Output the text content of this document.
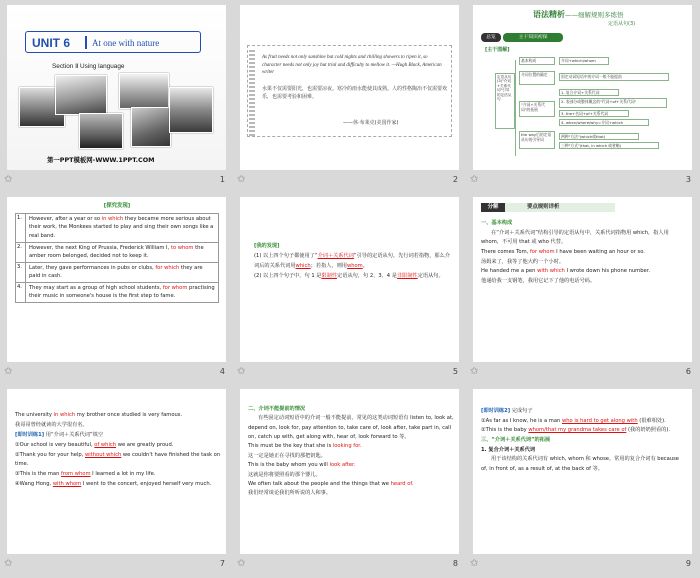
UNIT 6 At one with nature
Section Ⅱ Using language
第一PPT模板网-WWW.1PPT.COM
✩	1
As fruit needs not only sunshine but cold nights and chilling showers to ripen it, so character needs not only joy but trial and difficulty to mellow it. —Hugh Black, American writer
水果不仅需要阳光，也需要凉夜。寒冷的雨水能使其成熟。人的性格陶冶不仅需要欢乐，也需要考验和困难。
——休·布莱克(美国作家)
✩	2
语法精析——细解规则多练悟
定语从句(3)
总览	主干知识初探
[主干图解]
定语从句(3)"介词+关系代词"引导的定语从句
基本构成	介词+which/whom
介词位置的确定	固定动词短语中的介词一般不能提前
"介词+关系代词"的拓展
1. 复合介词+关系代词
2. 表部分或整体概念的"代词+of+关系代词"
3. the+名词+of+关系代词
4. when/where/why=介词+which
the way后的定语从句的引导词
两种"方法"(which或that)
三种"方式"(that, in which 或省略)
✩	3
[探究发现]
1.	However, after a year or so in which they became more serious about their work, the Monkees started to play and sing their own songs like a real band.
2.	However, the next King of Prussia, Frederick William Ⅰ, to whom the amber room belonged, decided not to keep it.
3.	Later, they gave performances in pubs or clubs, for which they are paid in cash.
4.	They may start as a group of high school students, for whom practising their music in someone's house is the first step to fame.
✩	4
[我的发现]
(1) 以上四个句子都使用了“介词＋关系代词”引导的定语从句。先行词若指物，那么介词后的关系代词用which；若指人，则用whom。
(2) 以上四个句子中，句 1 是限制性定语从句，句 2、3、4 是非限制性定语从句。
✩	5
分解	要点规则详析
一、基本构成
在“介词＋关系代词”结构引导的定语从句中，关系代词指物用 which，指人用 whom，不可用 that 或 who 代替。
There comes Tom, for whom I have been waiting an hour or so.
汤姆来了，我等了他大约一个小时。
He handed me a pen with which I wrote down his phone number.
他递给我一支钢笔，我用它记下了他的电话号码。
✩	6
The university in which my brother once studied is very famous.
我哥哥曾经就读的大学很有名。
[即时训练1] 用“介词＋关系代词”填空
①Our school is very beautiful, of which we are greatly proud.
②Thank you for your help, without which we couldn't have finished the task on time.
③This is the man from whom I learned a lot in my life.
④Wang Hong, with whom I went to the concert, enjoyed herself very much.
✩	7
二、介词不能提前的情况
有些固定动词短语中的介词一般不能提前，常见的这类动词短语有 listen to, look at, depend on, look for, pay attention to, take care of, look after, take part in, call on, catch up with, get along with, hear of, look forward to 等。
This must be the key that she is looking for.
这一定是她正在寻找的那把钥匙。
This is the baby whom you will look after.
这就是你将要照看的那个婴儿。
We often talk about the people and the things that we heard of.
我们经常谈论我们所听说的人和事。
✩	8
[即时训练2] 完成句子
①As far as I know, he is a man who is hard to get along with (很难相处).
②This is the baby whom/that my grandma takes care of (我的奶奶照看的).
三、“介词＋关系代词”的拓展
1. 复合介词＋关系代词
用于该结构的关系代词有 which, whom 和 whose。常用的复合介词有 because of, in front of, as a result of, at the back of 等。
✩	9
